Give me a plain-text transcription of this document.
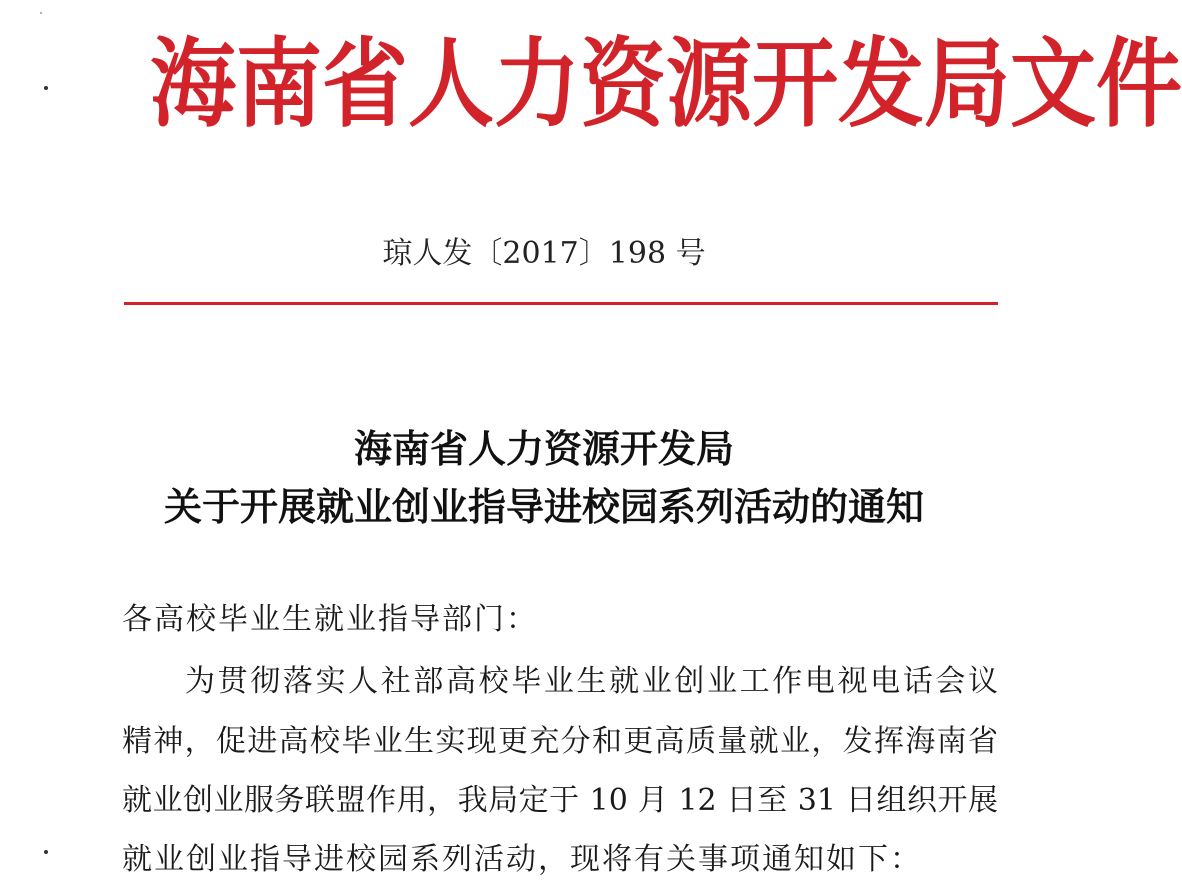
海南省人力资源开发局文件
琼人发〔2017〕198 号
海南省人力资源开发局
关于开展就业创业指导进校园系列活动的通知
各高校毕业生就业指导部门：
为贯彻落实人社部高校毕业生就业创业工作电视电话会议
精神，促进高校毕业生实现更充分和更高质量就业，发挥海南省
就业创业服务联盟作用，我局定于 10 月 12 日至 31 日组织开展
就业创业指导进校园系列活动，现将有关事项通知如下：
